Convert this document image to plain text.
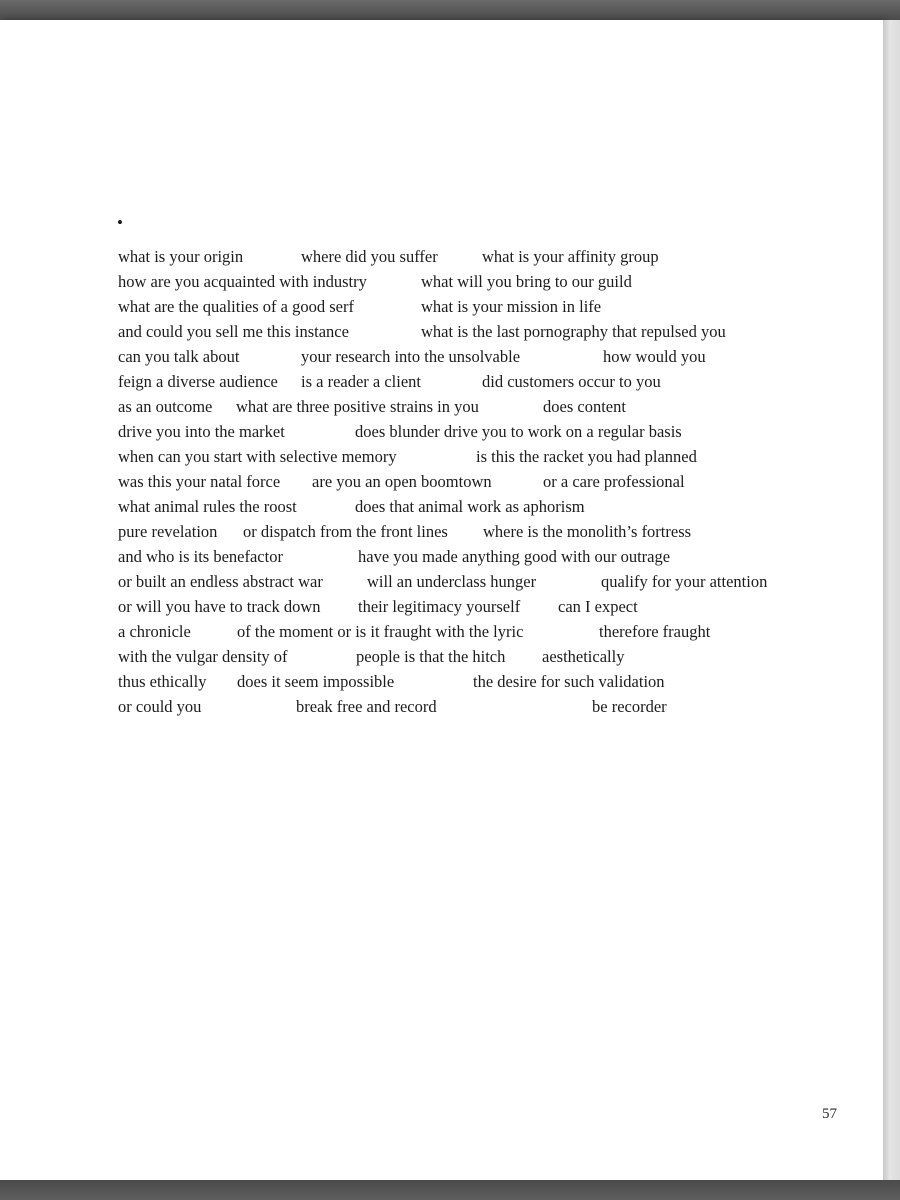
•
what is your origin	where did you suffer	what is your affinity group
how are you acquainted with industry	what will you bring to our guild
what are the qualities of a good serf	what is your mission in life
and could you sell me this instance	what is the last pornography that repulsed you
can you talk about	your research into the unsolvable	how would you
feign a diverse audience is a reader a client	did customers occur to you
as an outcome what are three positive strains in you	does content
drive you into the market	does blunder drive you to work on a regular basis
when can you start with selective memory	is this the racket you had planned
was this your natal force are you an open boomtown	or a care professional
what animal rules the roost	does that animal work as aphorism
pure revelation or dispatch from the front lines where is the monolith’s fortress
and who is its benefactor	have you made anything good with our outrage
or built an endless abstract war	will an underclass hunger	qualify for your attention
or will you have to track down their legitimacy yourself can I expect
a chronicle	of the moment or is it fraught with the lyric	therefore fraught
with the vulgar density of	people is that the hitch aesthetically
thus ethically does it seem impossible	the desire for such validation
or could you	break free and record	be recorder
57
